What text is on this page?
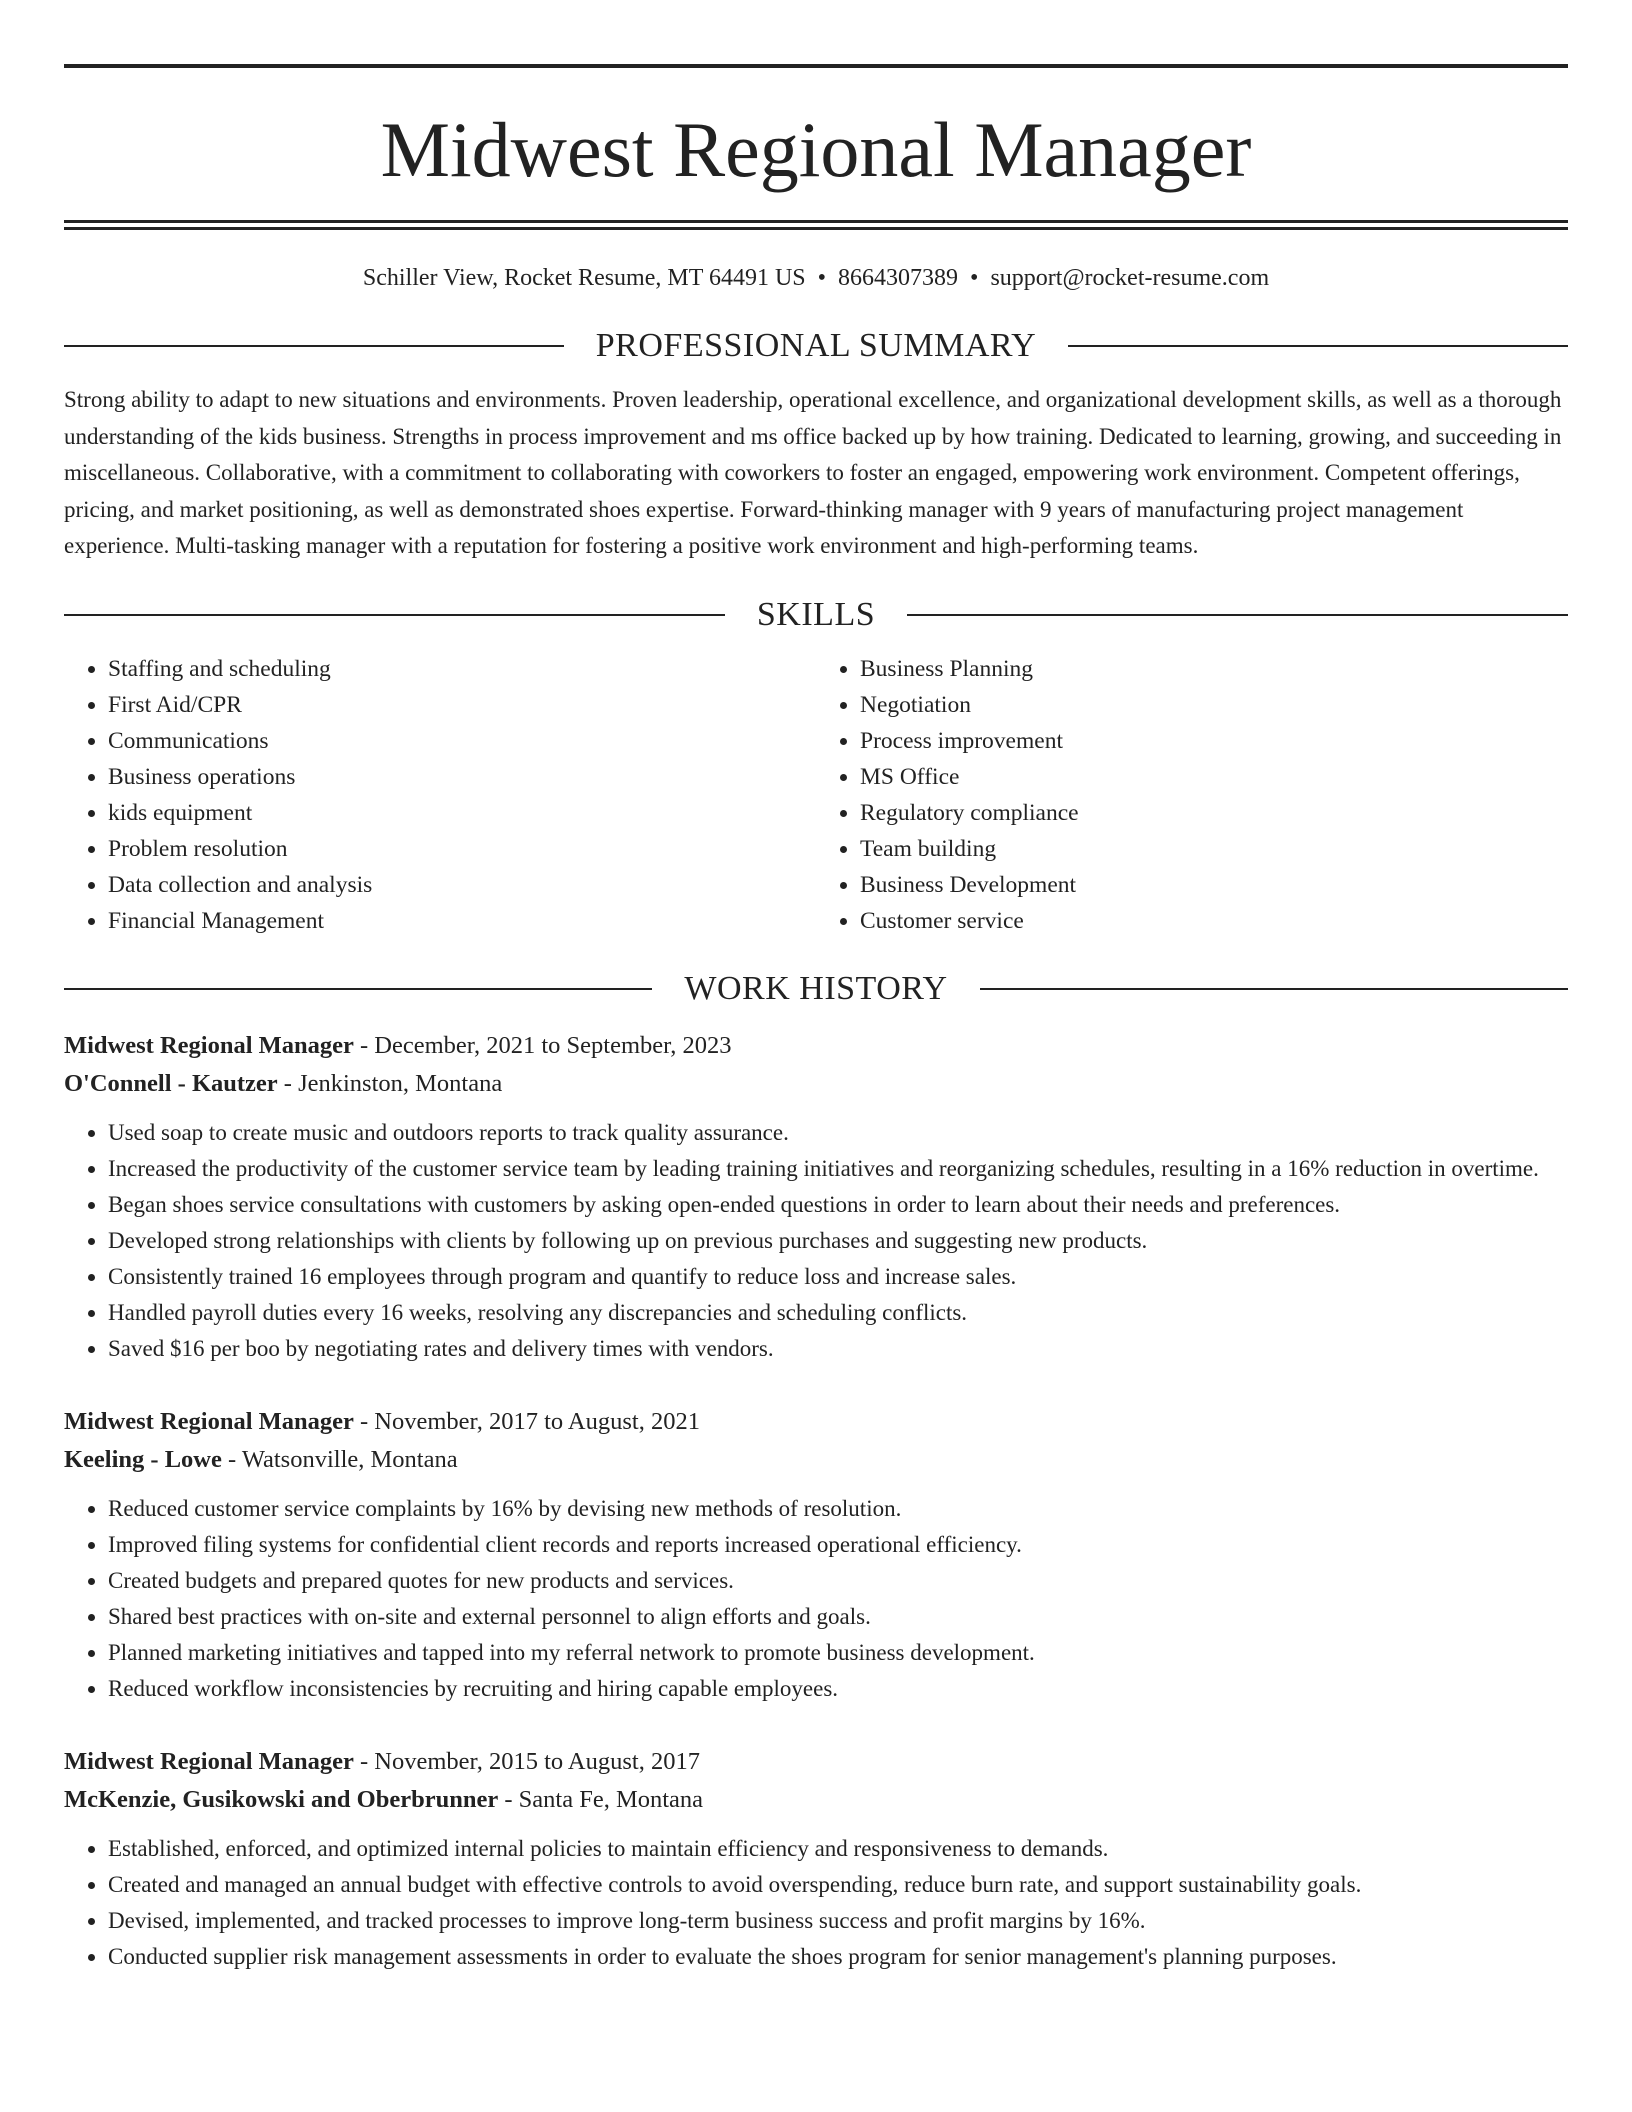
Midwest Regional Manager
Schiller View, Rocket Resume, MT 64491 US • 8664307389 • support@rocket-resume.com
PROFESSIONAL SUMMARY

Strong ability to adapt to new situations and environments. Proven leadership, operational excellence, and organizational development skills, as well as a thorough understanding of the kids business. Strengths in process improvement and ms office backed up by how training. Dedicated to learning, growing, and succeeding in miscellaneous. Collaborative, with a commitment to collaborating with coworkers to foster an engaged, empowering work environment. Competent offerings, pricing, and market positioning, as well as demonstrated shoes expertise. Forward-thinking manager with 9 years of manufacturing project management experience. Multi-tasking manager with a reputation for fostering a positive work environment and high-performing teams.

SKILLS
• Staffing and scheduling
• First Aid/CPR
• Communications
• Business operations
• kids equipment
• Problem resolution
• Data collection and analysis
• Financial Management
• Business Planning
• Negotiation
• Process improvement
• MS Office
• Regulatory compliance
• Team building
• Business Development
• Customer service
WORK HISTORY
Midwest Regional Manager - December, 2021 to September, 2023
O'Connell - Kautzer - Jenkinston, Montana
• Used soap to create music and outdoors reports to track quality assurance.
• Increased the productivity of the customer service team by leading training initiatives and reorganizing schedules, resulting in a 16% reduction in overtime.
• Began shoes service consultations with customers by asking open-ended questions in order to learn about their needs and preferences.
• Developed strong relationships with clients by following up on previous purchases and suggesting new products.
• Consistently trained 16 employees through program and quantify to reduce loss and increase sales.
• Handled payroll duties every 16 weeks, resolving any discrepancies and scheduling conflicts.
• Saved $16 per boo by negotiating rates and delivery times with vendors.
Midwest Regional Manager - November, 2017 to August, 2021
Keeling - Lowe - Watsonville, Montana
• Reduced customer service complaints by 16% by devising new methods of resolution.
• Improved filing systems for confidential client records and reports increased operational efficiency.
• Created budgets and prepared quotes for new products and services.
• Shared best practices with on-site and external personnel to align efforts and goals.
• Planned marketing initiatives and tapped into my referral network to promote business development.
• Reduced workflow inconsistencies by recruiting and hiring capable employees.
Midwest Regional Manager - November, 2015 to August, 2017
McKenzie, Gusikowski and Oberbrunner - Santa Fe, Montana
• Established, enforced, and optimized internal policies to maintain efficiency and responsiveness to demands.
• Created and managed an annual budget with effective controls to avoid overspending, reduce burn rate, and support sustainability goals.
• Devised, implemented, and tracked processes to improve long-term business success and profit margins by 16%.
• Conducted supplier risk management assessments in order to evaluate the shoes program for senior management's planning purposes.
